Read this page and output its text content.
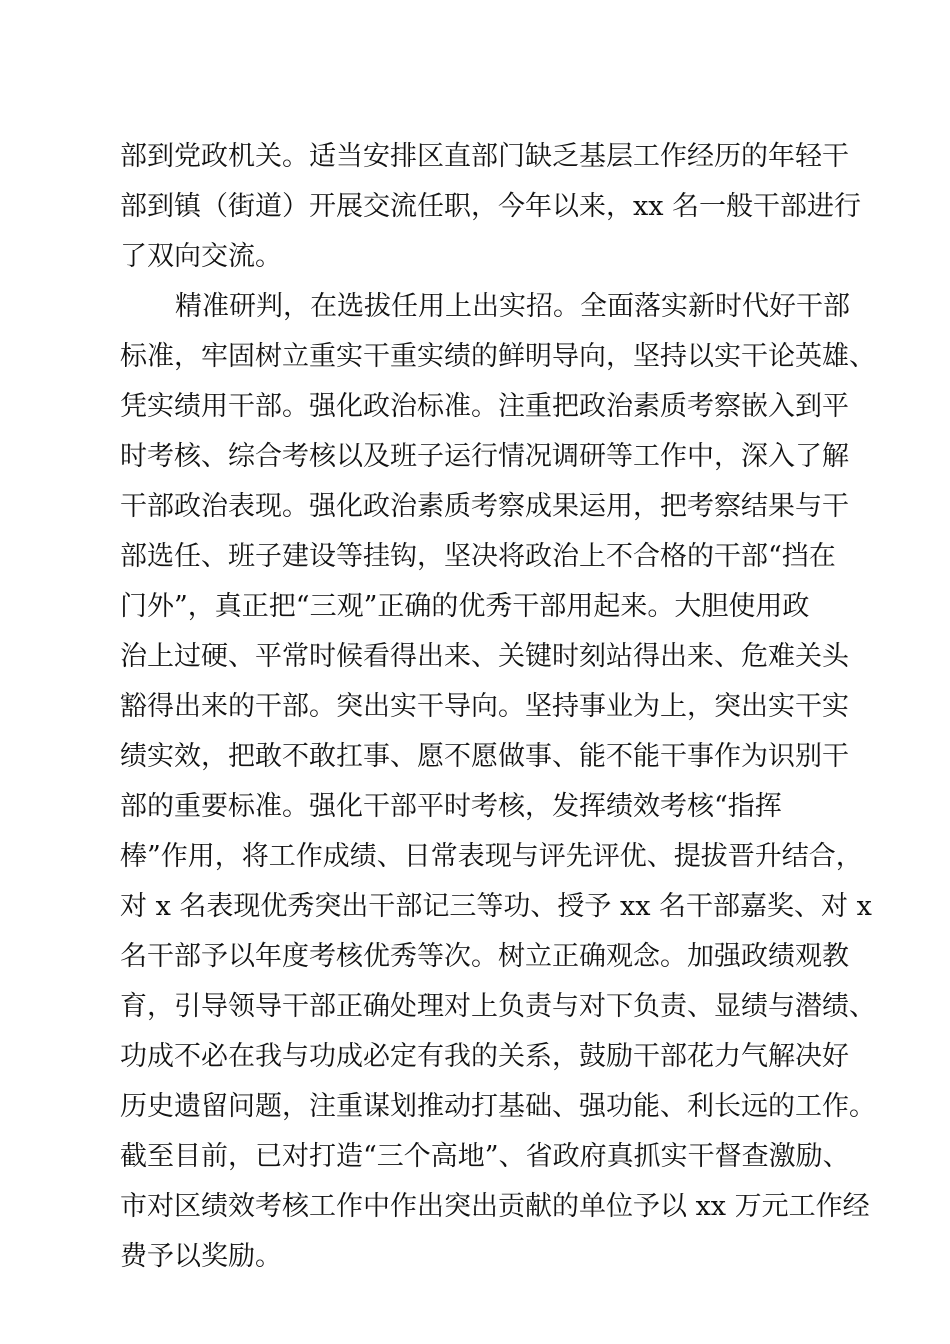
部到党政机关。适当安排区直部门缺乏基层工作经历的年轻干
部到镇（街道）开展交流任职，今年以来，xx 名一般干部进行
了双向交流。
精准研判，在选拔任用上出实招。全面落实新时代好干部
标准，牢固树立重实干重实绩的鲜明导向，坚持以实干论英雄、
凭实绩用干部。强化政治标准。注重把政治素质考察嵌入到平
时考核、综合考核以及班子运行情况调研等工作中，深入了解
干部政治表现。强化政治素质考察成果运用，把考察结果与干
部选任、班子建设等挂钩，坚决将政治上不合格的干部“挡在
门外”，真正把“三观”正确的优秀干部用起来。大胆使用政
治上过硬、平常时候看得出来、关键时刻站得出来、危难关头
豁得出来的干部。突出实干导向。坚持事业为上，突出实干实
绩实效，把敢不敢扛事、愿不愿做事、能不能干事作为识别干
部的重要标准。强化干部平时考核，发挥绩效考核“指挥
棒”作用，将工作成绩、日常表现与评先评优、提拔晋升结合，
对 x 名表现优秀突出干部记三等功、授予 xx 名干部嘉奖、对 x
名干部予以年度考核优秀等次。树立正确观念。加强政绩观教
育，引导领导干部正确处理对上负责与对下负责、显绩与潜绩、
功成不必在我与功成必定有我的关系，鼓励干部花力气解决好
历史遗留问题，注重谋划推动打基础、强功能、利长远的工作。
截至目前，已对打造“三个高地”、省政府真抓实干督查激励、
市对区绩效考核工作中作出突出贡献的单位予以 xx 万元工作经
费予以奖励。
